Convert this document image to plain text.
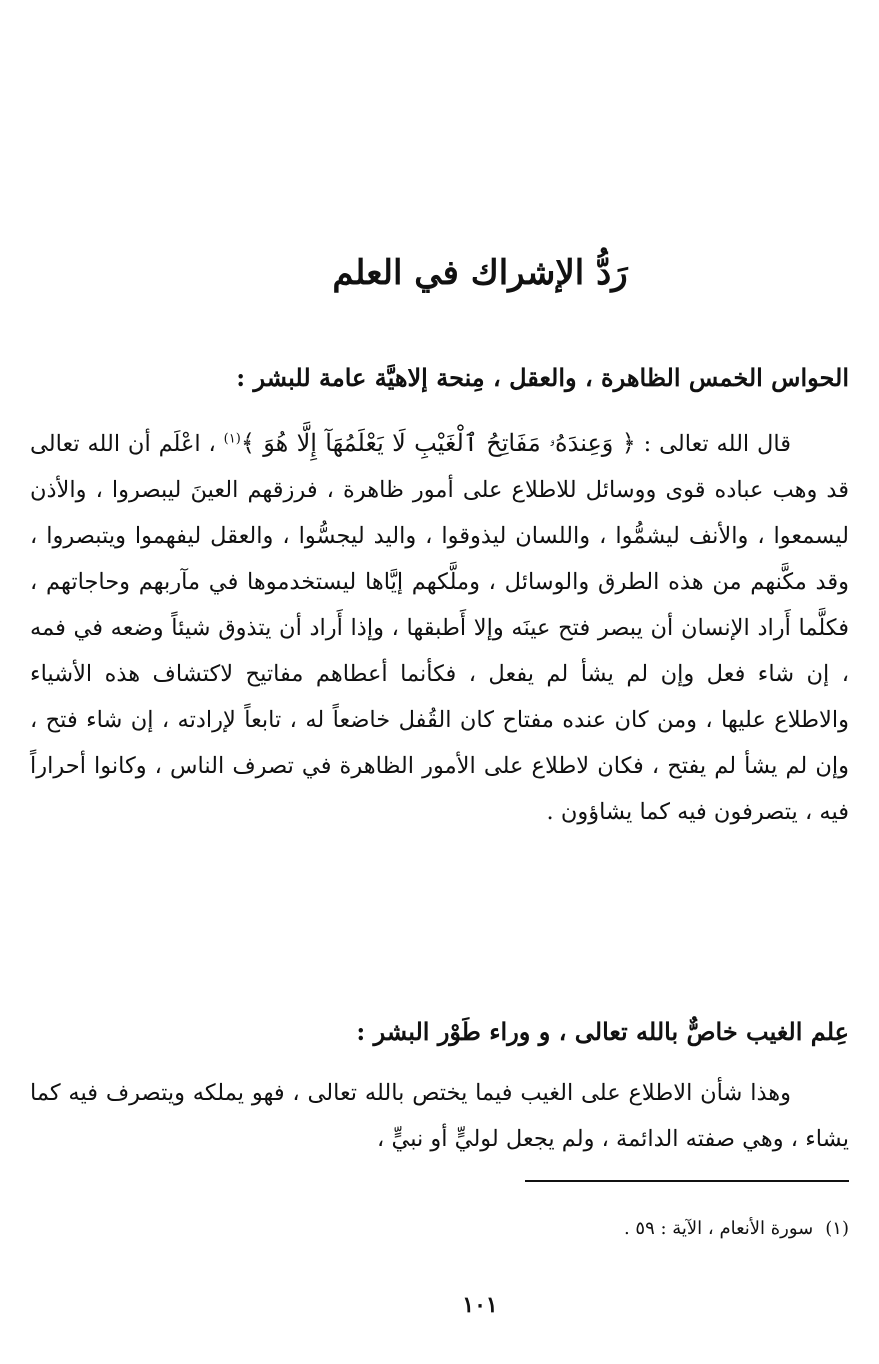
رَدُّ الإشراك في العلم
الحواس الخمس الظاهرة ، والعقل ، مِنحة إلاهيَّة عامة للبشر :

قال الله تعالى : ﴿ وَعِندَهُۥ مَفَاتِحُ ٱلْغَيْبِ لَا يَعْلَمُهَآ إِلَّا هُوَ ﴾$^{(١)}$ ، اعْلَم أن الله تعالى قد وهب عباده قوى ووسائل للاطلاع على أمور ظاهرة ، فرزقهم العينَ ليبصروا ، والأذن ليسمعوا ، والأنف ليشمُّوا ، واللسان ليذوقوا ، واليد ليجسُّوا ، والعقل ليفهموا ويتبصروا ، وقد مكَّنهم من هذه الطرق والوسائل ، وملَّكهم إيَّاها ليستخدموها في مآربهم وحاجاتهم ، فكلَّما أَراد الإنسان أن يبصر فتح عينَه وإلا أَطبقها ، وإذا أَراد أن يتذوق شيئاً وضعه في فمه ، إن شاء فعل وإن لم يشأ لم يفعل ، فكأنما أعطاهم مفاتيح لاكتشاف هذه الأشياء والاطلاع عليها ، ومن كان عنده مفتاح كان القُفل خاضعاً له ، تابعاً لإرادته ، إن شاء فتح ، وإن لم يشأ لم يفتح ، فكان لاطلاع على الأمور الظاهرة في تصرف الناس ، وكانوا أحراراً فيه ، يتصرفون فيه كما يشاؤون .

عِلم الغيب خاصٌّ بالله تعالى ، و وراء طَوْر البشر :

وهذا شأن الاطلاع على الغيب فيما يختص بالله تعالى ، فهو يملكه ويتصرف فيه كما يشاء ، وهي صفته الدائمة ، ولم يجعل لوليٍّ أو نبيٍّ ،

(١)سورة الأنعام ، الآية : ٥٩ .

١٠١
